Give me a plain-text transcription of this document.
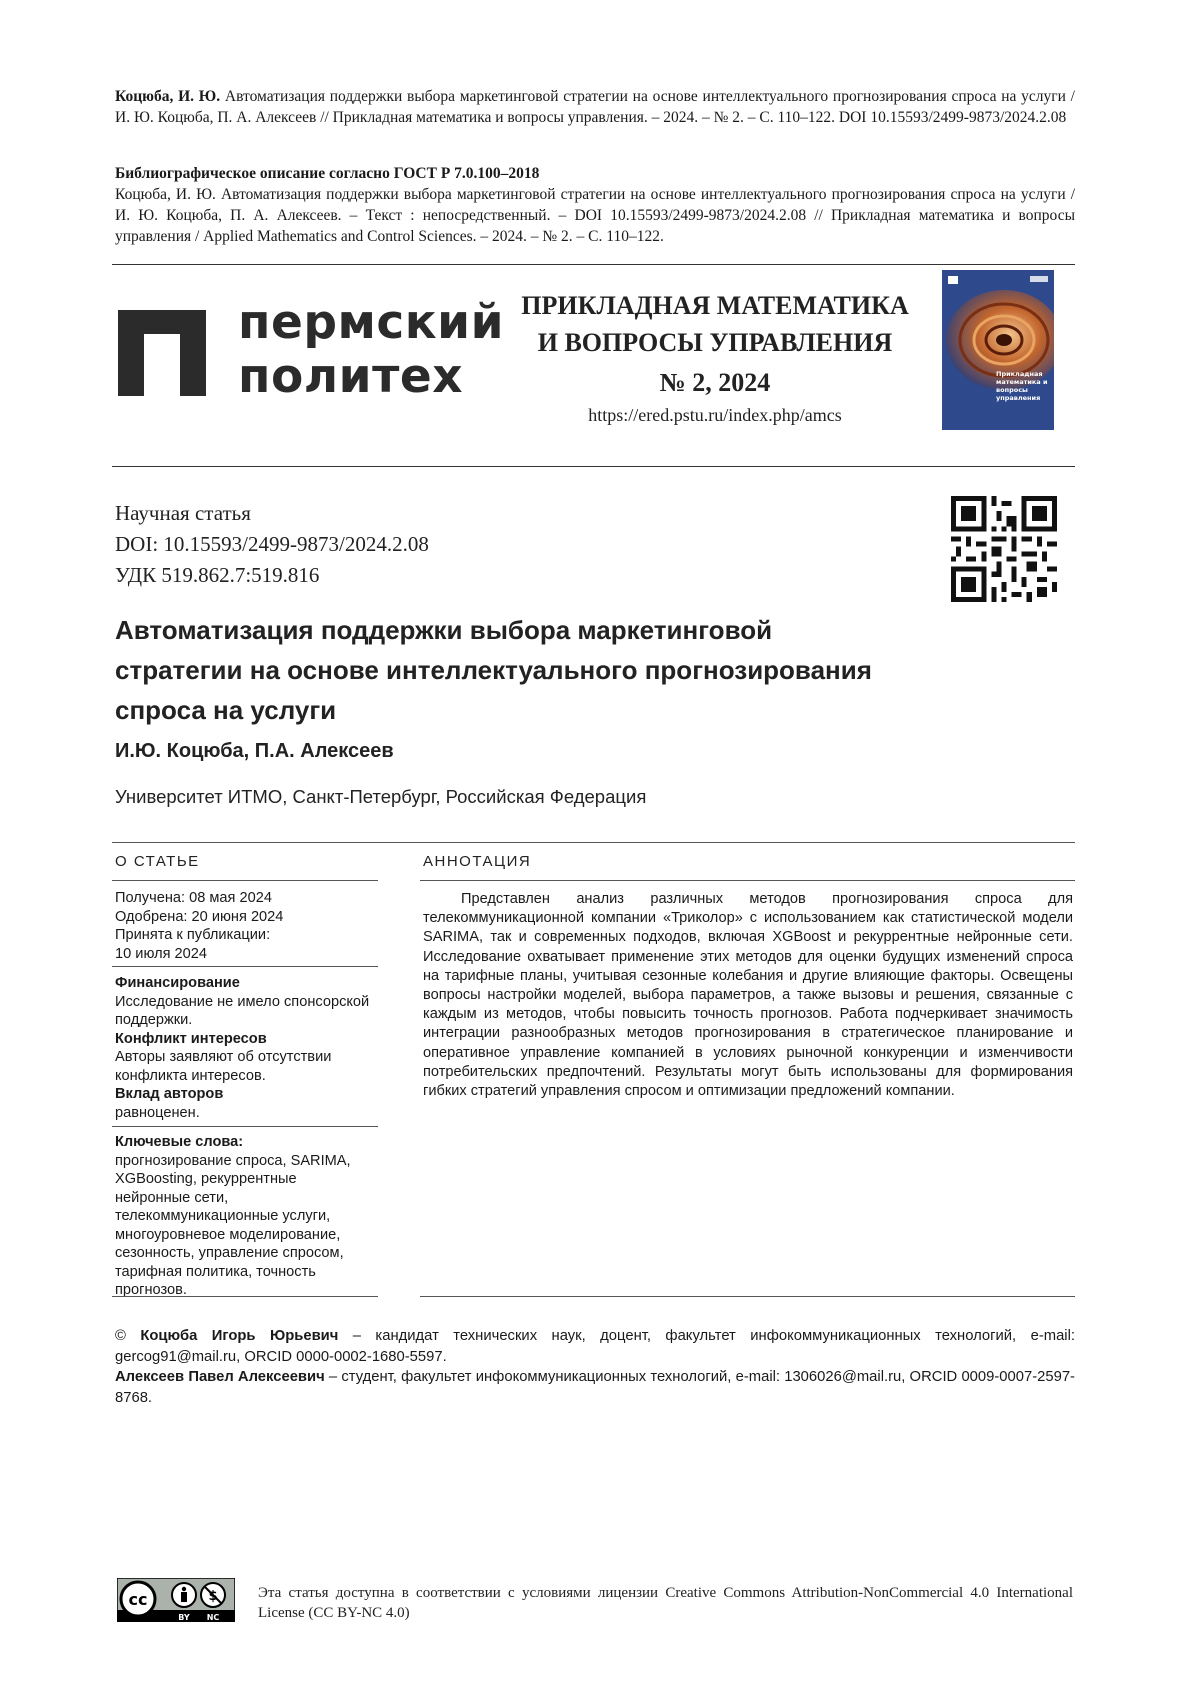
Коцюба, И. Ю. Автоматизация поддержки выбора маркетинговой стратегии на основе интеллектуального прогнозирования спроса на услуги / И. Ю. Коцюба, П. А. Алексеев // Прикладная математика и вопросы управления. – 2024. – № 2. – С. 110–122. DOI 10.15593/2499-9873/2024.2.08
Библиографическое описание согласно ГОСТ Р 7.0.100–2018
Коцюба, И. Ю. Автоматизация поддержки выбора маркетинговой стратегии на основе интеллектуального прогнозирования спроса на услуги / И. Ю. Коцюба, П. А. Алексеев. – Текст : непосредственный. – DOI 10.15593/2499-9873/2024.2.08 // Прикладная математика и вопросы управления / Applied Mathematics and Control Sciences. – 2024. – № 2. – С. 110–122.
пермский
политех
ПРИКЛАДНАЯ МАТЕМАТИКА
И ВОПРОСЫ УПРАВЛЕНИЯ
№ 2, 2024
https://ered.pstu.ru/index.php/amcs
Прикладная математика и вопросы управления
Научная статья
DOI: 10.15593/2499-9873/2024.2.08
УДК 519.862.7:519.816
Автоматизация поддержки выбора маркетинговой
стратегии на основе интеллектуального прогнозирования
спроса на услуги
И.Ю. Коцюба, П.А. Алексеев
Университет ИТМО, Санкт-Петербург, Российская Федерация
О СТАТЬЕ	АННОТАЦИЯ
Получена: 08 мая 2024
Одобрена: 20 июня 2024
Принята к публикации:
10 июля 2024
Финансирование
Исследование не имело спонсорской поддержки.
Конфликт интересов
Авторы заявляют об отсутствии конфликта интересов.
Вклад авторов
равноценен.
Ключевые слова:
прогнозирование спроса, SARIMA, XGBoosting, рекуррентные нейронные сети, телекоммуникационные услуги, многоуровневое моделирование, сезонность, управление спросом, тарифная политика, точность прогнозов.
Представлен анализ различных методов прогнозирования спроса для телекоммуникационной компании «Триколор» с использованием как статистической модели SARIMA, так и современных подходов, включая XGBoost и рекуррентные нейронные сети. Исследование охватывает применение этих методов для оценки будущих изменений спроса на тарифные планы, учитывая сезонные колебания и другие влияющие факторы. Освещены вопросы настройки моделей, выбора параметров, а также вызовы и решения, связанные с каждым из методов, чтобы повысить точность прогнозов. Работа подчеркивает значимость интеграции разнообразных методов прогнозирования в стратегическое планирование и оперативное управление компанией в условиях рыночной конкуренции и изменчивости потребительских предпочтений. Результаты могут быть использованы для формирования гибких стратегий управления спросом и оптимизации предложений компании.
© Коцюба Игорь Юрьевич – кандидат технических наук, доцент, факультет инфокоммуникационных технологий, e-mail: gercog91@mail.ru, ORCID 0000-0002-1680-5597.
Алексеев Павел Алексеевич – студент, факультет инфокоммуникационных технологий, e-mail: 1306026@mail.ru, ORCID 0009-0007-2597-8768.
cc	$
BY NC
Эта статья доступна в соответствии с условиями лицензии Creative Commons Attribution-NonCommercial 4.0 International License (CC BY-NC 4.0)
